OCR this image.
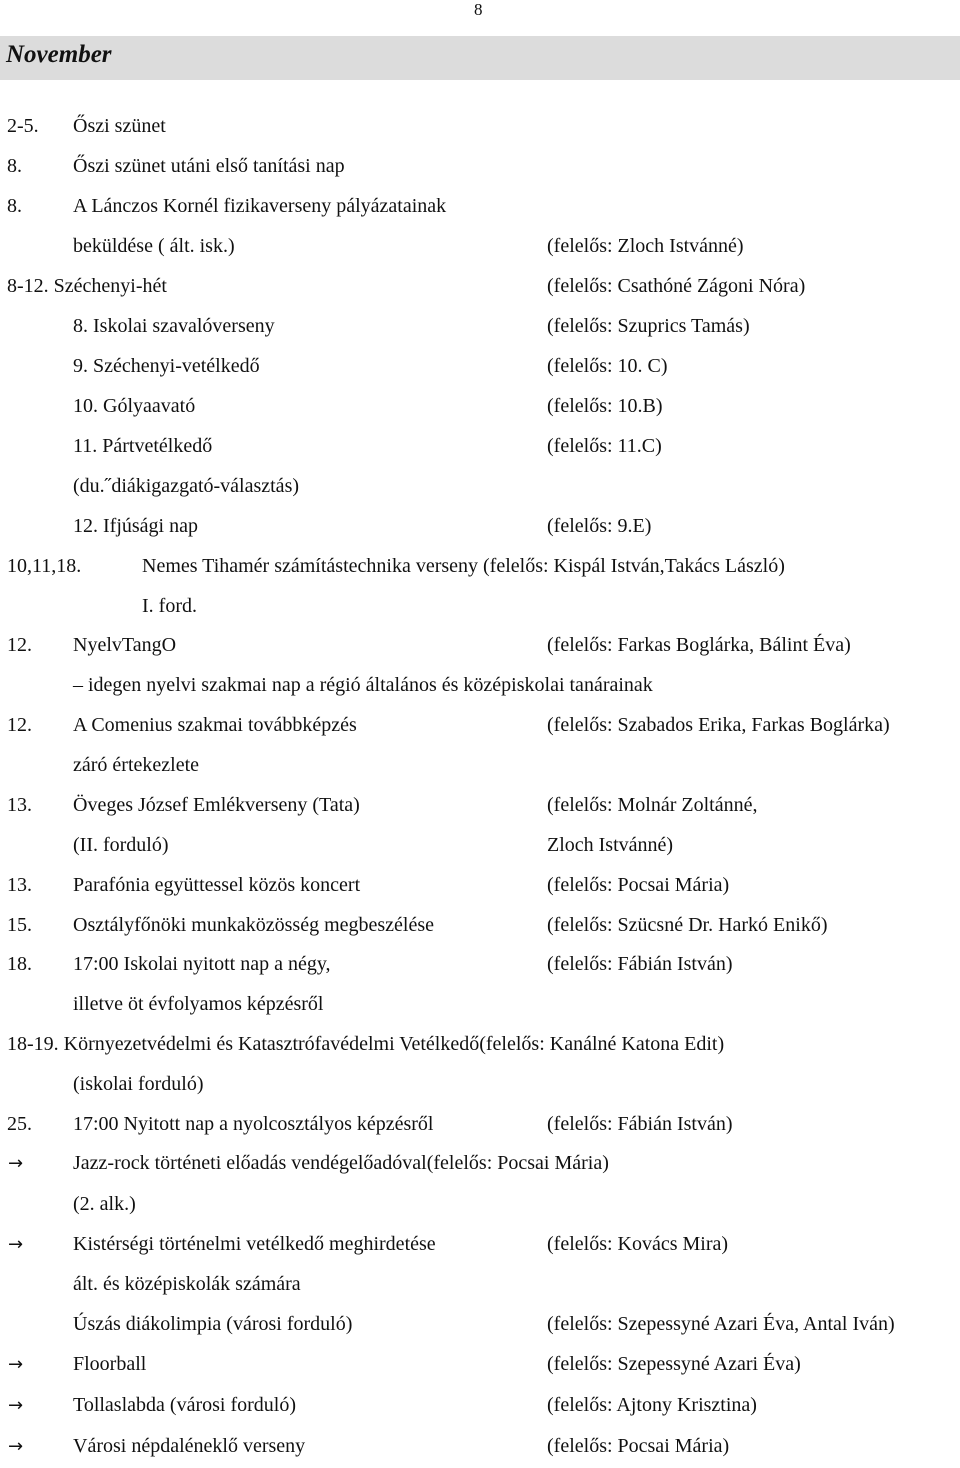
8
November
2-5. Őszi szünet
8.	Őszi szünet utáni első tanítási nap
8.	A Lánczos Kornél fizikaverseny pályázatainak
beküldése ( ált. isk.)	(felelős: Zloch Istvánné)
8-12. Széchenyi-hét	(felelős: Csathóné Zágoni Nóra)
8. Iskolai szavalóverseny	(felelős: Szuprics Tamás)
9. Széchenyi-vetélkedő	(felelős: 10. C)
10. Gólyaavató	(felelős: 10.B)
11. Pártvetélkedő	(felelős: 11.C)
(du.˝diákigazgató-választás)
12. Ifjúsági nap	(felelős: 9.E)
10,11,18.	Nemes Tihamér számítástechnika verseny (felelős: Kispál István,Takács László)
I. ford.
12. NyelvTangO	(felelős: Farkas Boglárka, Bálint Éva)
– idegen nyelvi szakmai nap a régió általános és középiskolai tanárainak
12. A Comenius szakmai továbbképzés	(felelős: Szabados Erika, Farkas Boglárka)
záró értekezlete
13. Öveges József Emlékverseny (Tata)	(felelős: Molnár Zoltánné,
(II. forduló)	Zloch Istvánné)
13. Parafónia együttessel közös koncert	(felelős: Pocsai Mária)
15. Osztályfőnöki munkaközösség megbeszélése	(felelős: Szücsné Dr. Harkó Enikő)
18. 17:00 Iskolai nyitott nap a négy,	(felelős: Fábián István)
illetve öt évfolyamos képzésről
18-19. Környezetvédelmi és Katasztrófavédelmi Vetélkedő(felelős: Kanálné Katona Edit)
(iskolai forduló)
25. 17:00 Nyitott nap a nyolcosztályos képzésről	(felelős: Fábián István)
→ Jazz-rock történeti előadás vendégelőadóval(felelős: Pocsai Mária)
(2. alk.)
→ Kistérségi történelmi vetélkedő meghirdetése	(felelős: Kovács Mira)
ált. és középiskolák számára
Úszás diákolimpia (városi forduló)	(felelős: Szepessyné Azari Éva, Antal Iván)
→ Floorball	(felelős: Szepessyné Azari Éva)
→ Tollaslabda (városi forduló)	(felelős: Ajtony Krisztina)
→ Városi népdaléneklő verseny	(felelős: Pocsai Mária)
